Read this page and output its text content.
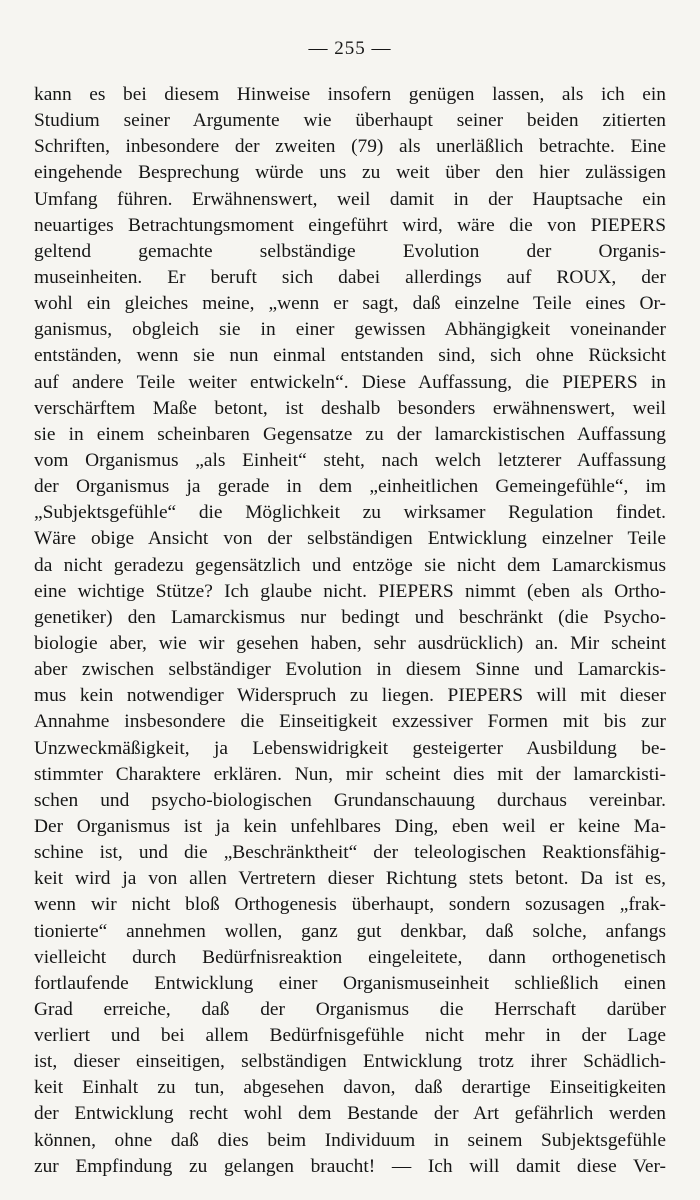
— 255 —
kann es bei diesem Hinweise insofern genügen lassen, als ich ein
Studium seiner Argumente wie überhaupt seiner beiden zitierten
Schriften, inbesondere der zweiten (79) als unerläßlich betrachte. Eine
eingehende Besprechung würde uns zu weit über den hier zulässigen
Umfang führen. Erwähnenswert, weil damit in der Hauptsache ein
neuartiges Betrachtungsmoment eingeführt wird, wäre die von PIEPERS
geltend gemachte selbständige Evolution der Organis-
museinheiten. Er beruft sich dabei allerdings auf ROUX, der
wohl ein gleiches meine, „wenn er sagt, daß einzelne Teile eines Or-
ganismus, obgleich sie in einer gewissen Abhängigkeit voneinander
entständen, wenn sie nun einmal entstanden sind, sich ohne Rücksicht
auf andere Teile weiter entwickeln“. Diese Auffassung, die PIEPERS in
verschärftem Maße betont, ist deshalb besonders erwähnenswert, weil
sie in einem scheinbaren Gegensatze zu der lamarckistischen Auffassung
vom Organismus „als Einheit“ steht, nach welch letzterer Auffassung
der Organismus ja gerade in dem „einheitlichen Gemeingefühle“, im
„Subjektsgefühle“ die Möglichkeit zu wirksamer Regulation findet.
Wäre obige Ansicht von der selbständigen Entwicklung einzelner Teile
da nicht geradezu gegensätzlich und entzöge sie nicht dem Lamarckismus
eine wichtige Stütze? Ich glaube nicht. PIEPERS nimmt (eben als Ortho-
genetiker) den Lamarckismus nur bedingt und beschränkt (die Psycho-
biologie aber, wie wir gesehen haben, sehr ausdrücklich) an. Mir scheint
aber zwischen selbständiger Evolution in diesem Sinne und Lamarckis-
mus kein notwendiger Widerspruch zu liegen. PIEPERS will mit dieser
Annahme insbesondere die Einseitigkeit exzessiver Formen mit bis zur
Unzweckmäßigkeit, ja Lebenswidrigkeit gesteigerter Ausbildung be-
stimmter Charaktere erklären. Nun, mir scheint dies mit der lamarckisti-
schen und psycho-biologischen Grundanschauung durchaus vereinbar.
Der Organismus ist ja kein unfehlbares Ding, eben weil er keine Ma-
schine ist, und die „Beschränktheit“ der teleologischen Reaktionsfähig-
keit wird ja von allen Vertretern dieser Richtung stets betont. Da ist es,
wenn wir nicht bloß Orthogenesis überhaupt, sondern sozusagen „frak-
tionierte“ annehmen wollen, ganz gut denkbar, daß solche, anfangs
vielleicht durch Bedürfnisreaktion eingeleitete, dann orthogenetisch
fortlaufende Entwicklung einer Organismuseinheit schließlich einen
Grad erreiche, daß der Organismus die Herrschaft darüber
verliert und bei allem Bedürfnisgefühle nicht mehr in der Lage
ist, dieser einseitigen, selbständigen Entwicklung trotz ihrer Schädlich-
keit Einhalt zu tun, abgesehen davon, daß derartige Einseitigkeiten
der Entwicklung recht wohl dem Bestande der Art gefährlich werden
können, ohne daß dies beim Individuum in seinem Subjektsgefühle
zur Empfindung zu gelangen braucht! — Ich will damit diese Ver-
